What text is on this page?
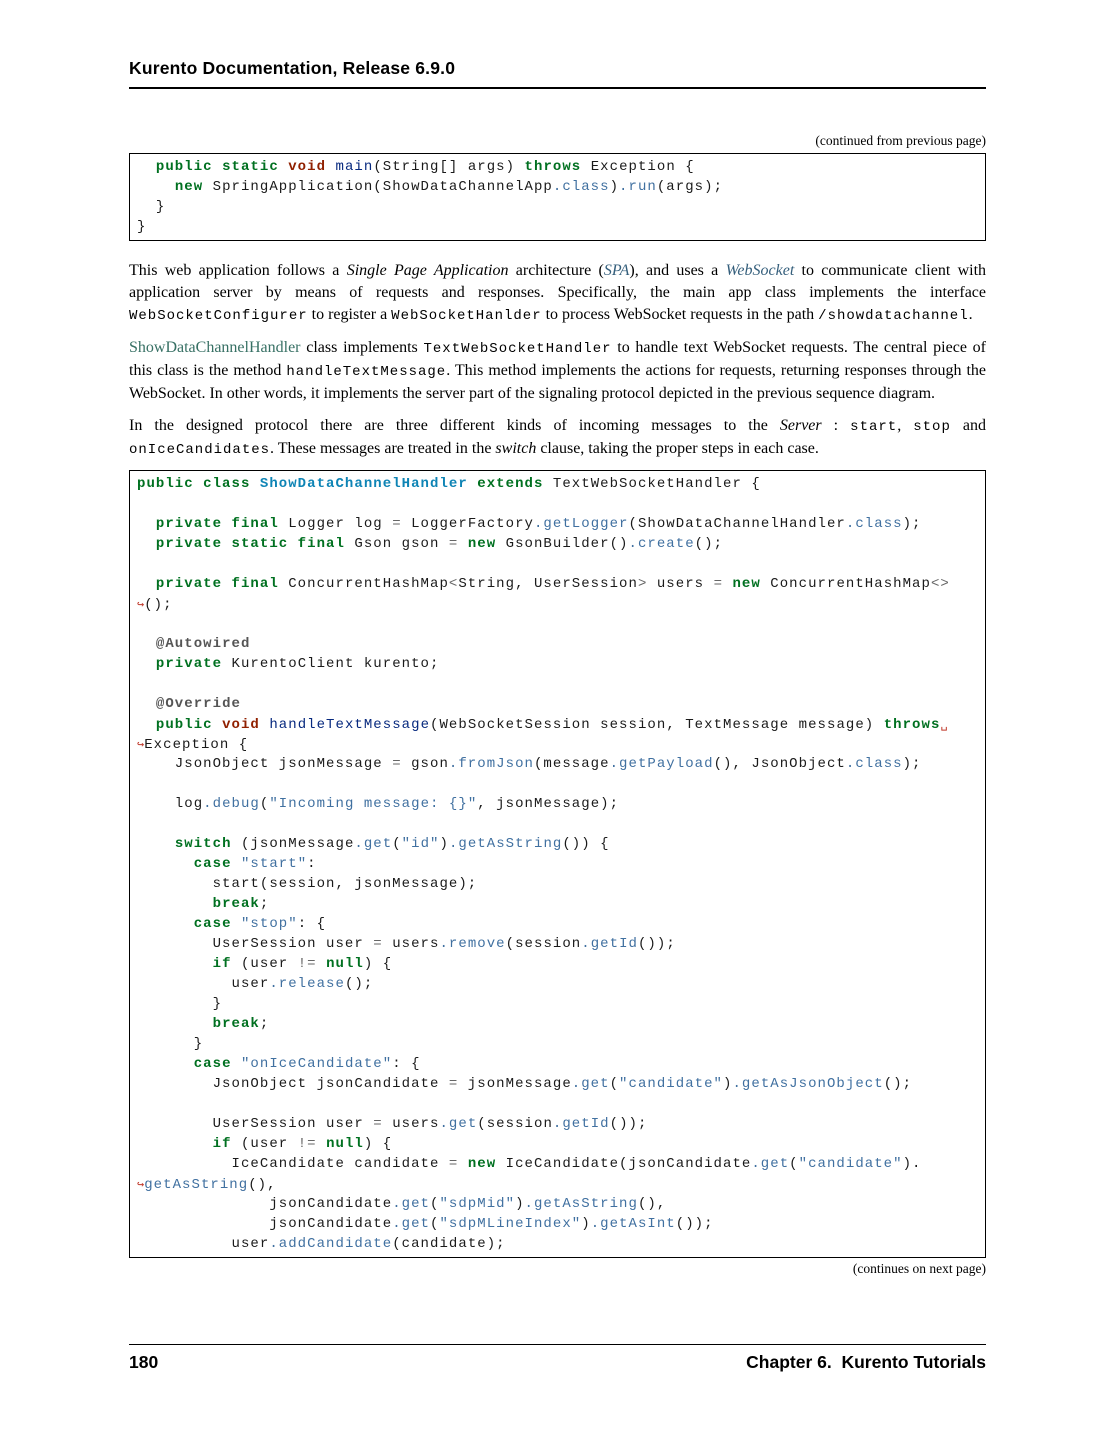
Kurento Documentation, Release 6.9.0
(continued from previous page)
public static void main(String[] args) throws Exception {
new SpringApplication(ShowDataChannelApp.class).run(args);
}
}

This web application follows a Single Page Application architecture (SPA), and uses a WebSocket to communicate client with application server by means of requests and responses. Specifically, the main app class implements the interface WebSocketConfigurer to register a WebSocketHanlder to process WebSocket requests in the path /showdatachannel.

ShowDataChannelHandler class implements TextWebSocketHandler to handle text WebSocket requests. The central piece of this class is the method handleTextMessage. This method implements the actions for requests, returning responses through the WebSocket. In other words, it implements the server part of the signaling protocol depicted in the previous sequence diagram.

In the designed protocol there are three different kinds of incoming messages to the Server : start, stop and onIceCandidates. These messages are treated in the switch clause, taking the proper steps in each case.

public class ShowDataChannelHandler extends TextWebSocketHandler {

private final Logger log = LoggerFactory.getLogger(ShowDataChannelHandler.class);
private static final Gson gson = new GsonBuilder().create();

private final ConcurrentHashMap<String, UserSession> users = new ConcurrentHashMap<>
↪();

@Autowired
private KurentoClient kurento;

@Override
public void handleTextMessage(WebSocketSession session, TextMessage message) throws␣
↪Exception {
JsonObject jsonMessage = gson.fromJson(message.getPayload(), JsonObject.class);

log.debug("Incoming message: {}", jsonMessage);

switch (jsonMessage.get("id").getAsString()) {
case "start":
start(session, jsonMessage);
break;
case "stop": {
UserSession user = users.remove(session.getId());
if (user != null) {
user.release();
}
break;
}
case "onIceCandidate": {
JsonObject jsonCandidate = jsonMessage.get("candidate").getAsJsonObject();

UserSession user = users.get(session.getId());
if (user != null) {
IceCandidate candidate = new IceCandidate(jsonCandidate.get("candidate").
↪getAsString(),
jsonCandidate.get("sdpMid").getAsString(),
jsonCandidate.get("sdpMLineIndex").getAsInt());
user.addCandidate(candidate);
(continues on next page)
180	Chapter 6.  Kurento Tutorials
